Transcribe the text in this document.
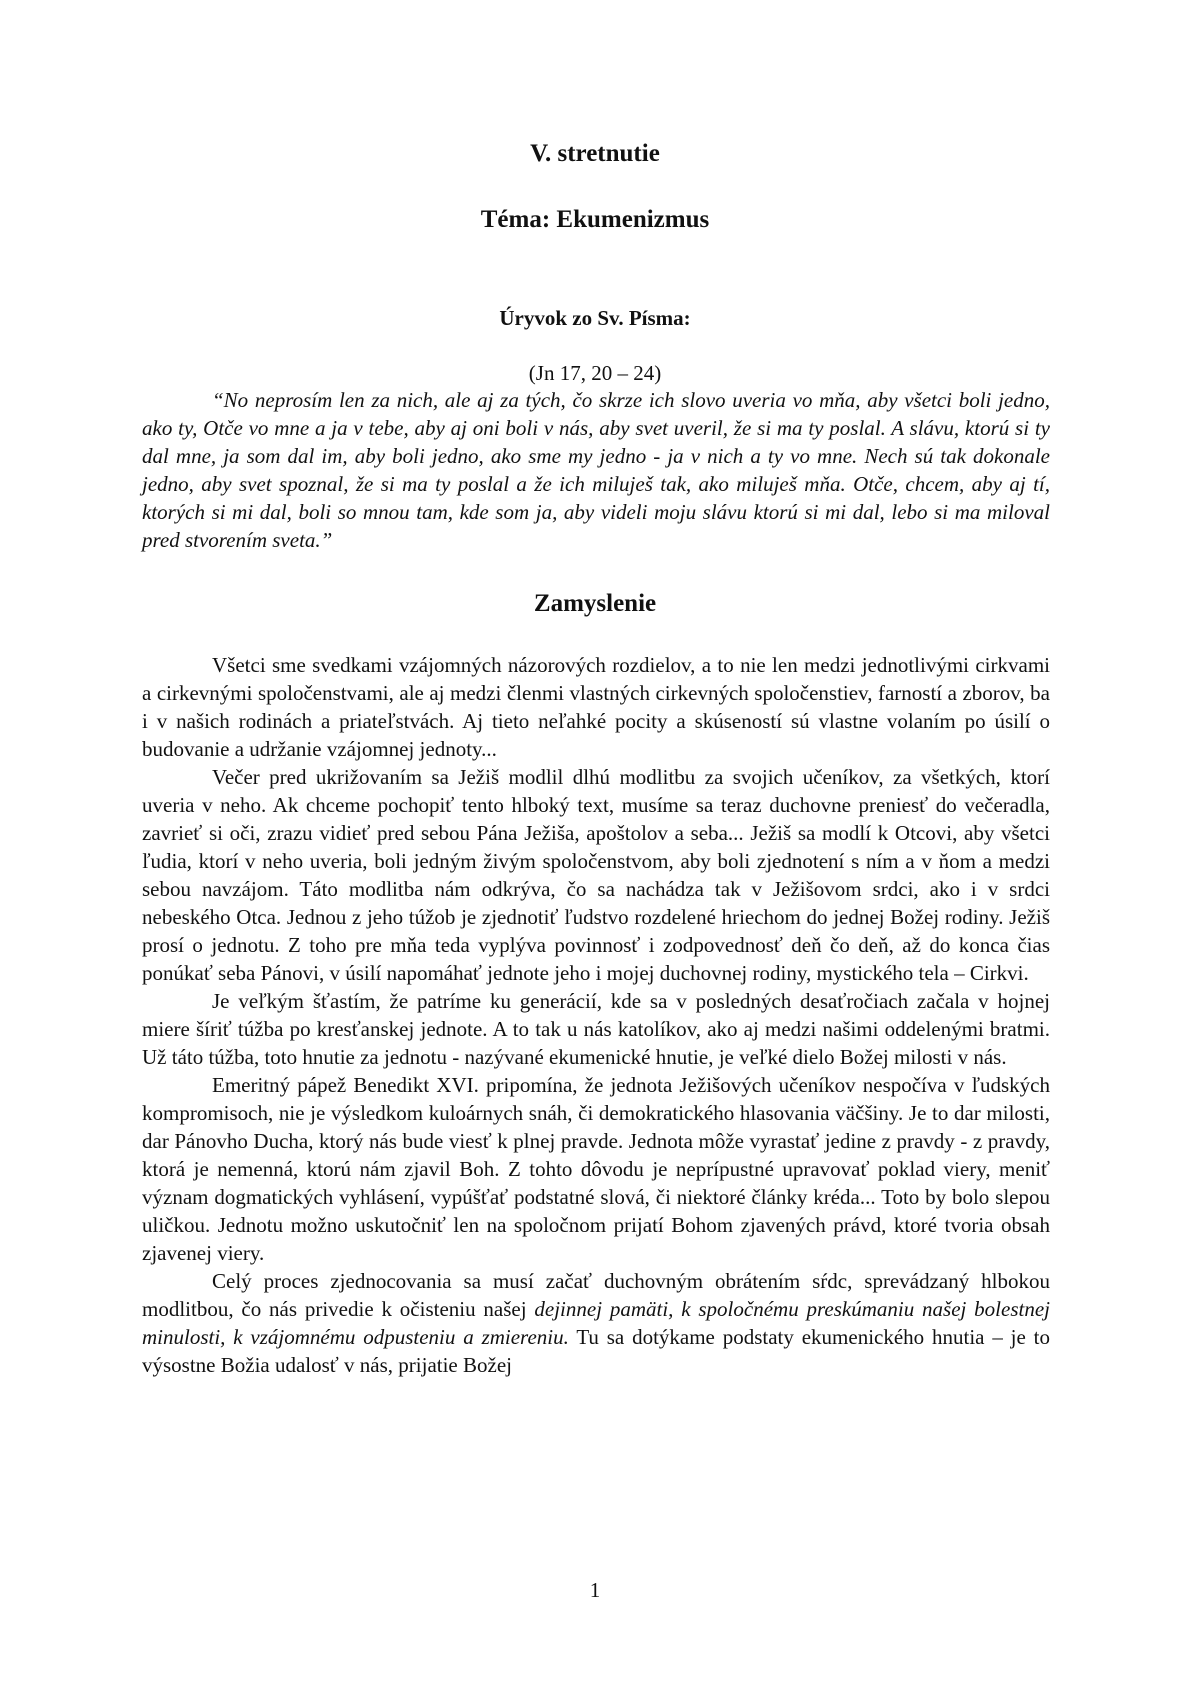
V. stretnutie
Téma: Ekumenizmus
Úryvok zo Sv. Písma:

(Jn 17, 20 – 24)

“No neprosím len za nich, ale aj za tých, čo skrze ich slovo uveria vo mňa, aby všetci boli jedno, ako ty, Otče vo mne a ja v tebe, aby aj oni boli v nás, aby svet uveril, že si ma ty poslal. A slávu, ktorú si ty dal mne, ja som dal im, aby boli jedno, ako sme my jedno - ja v nich a ty vo mne. Nech sú tak dokonale jedno, aby svet spoznal, že si ma ty poslal a že ich miluješ tak, ako miluješ mňa. Otče, chcem, aby aj tí, ktorých si mi dal, boli so mnou tam, kde som ja, aby videli moju slávu ktorú si mi dal, lebo si ma miloval pred stvorením sveta.”

Zamyslenie

Všetci sme svedkami vzájomných názorových rozdielov, a to nie len medzi jednotlivými cirkvami a cirkevnými spoločenstvami, ale aj medzi členmi vlastných cirkevných spoločenstiev, farností a zborov, ba i v našich rodinách a priateľstvách. Aj tieto neľahké pocity a skúseností sú vlastne volaním po úsilí o budovanie a udržanie vzájomnej jednoty...

Večer pred ukrižovaním sa Ježiš modlil dlhú modlitbu za svojich učeníkov, za všetkých, ktorí uveria v neho. Ak chceme pochopiť tento hlboký text, musíme sa teraz duchovne preniesť do večeradla, zavrieť si oči, zrazu vidieť pred sebou Pána Ježiša, apoštolov a seba... Ježiš sa modlí k Otcovi, aby všetci ľudia, ktorí v neho uveria, boli jedným živým spoločenstvom, aby boli zjednotení s ním a v ňom a medzi sebou navzájom. Táto modlitba nám odkrýva, čo sa nachádza tak v Ježišovom srdci, ako i v srdci nebeského Otca. Jednou z jeho túžob je zjednotiť ľudstvo rozdelené hriechom do jednej Božej rodiny. Ježiš prosí o jednotu. Z toho pre mňa teda vyplýva povinnosť i zodpovednosť deň čo deň, až do konca čias ponúkať seba Pánovi, v úsilí napomáhať jednote jeho i mojej duchovnej rodiny, mystického tela – Cirkvi.

Je veľkým šťastím, že patríme ku generácií, kde sa v posledných desaťročiach začala v hojnej miere šíriť túžba po kresťanskej jednote. A to tak u nás katolíkov, ako aj medzi našimi oddelenými bratmi. Už táto túžba, toto hnutie za jednotu - nazývané ekumenické hnutie, je veľké dielo Božej milosti v nás.

Emeritný pápež Benedikt XVI. pripomína, že jednota Ježišových učeníkov nespočíva v ľudských kompromisoch, nie je výsledkom kuloárnych snáh, či demokratického hlasovania väčšiny. Je to dar milosti, dar Pánovho Ducha, ktorý nás bude viesť k plnej pravde. Jednota môže vyrastať jedine z pravdy - z pravdy, ktorá je nemenná, ktorú nám zjavil Boh. Z tohto dôvodu je neprípustné upravovať poklad viery, meniť význam dogmatických vyhlásení, vypúšťať podstatné slová, či niektoré články kréda... Toto by bolo slepou uličkou. Jednotu možno uskutočniť len na spoločnom prijatí Bohom zjavených právd, ktoré tvoria obsah zjavenej viery.

Celý proces zjednocovania sa musí začať duchovným obrátením sŕdc, sprevádzaný hlbokou modlitbou, čo nás privedie k očisteniu našej dejinnej pamäti, k spoločnému preskúmaniu našej bolestnej minulosti, k vzájomnému odpusteniu a zmiereniu. Tu sa dotýkame podstaty ekumenického hnutia – je to výsostne Božia udalosť v nás, prijatie Božej

1
